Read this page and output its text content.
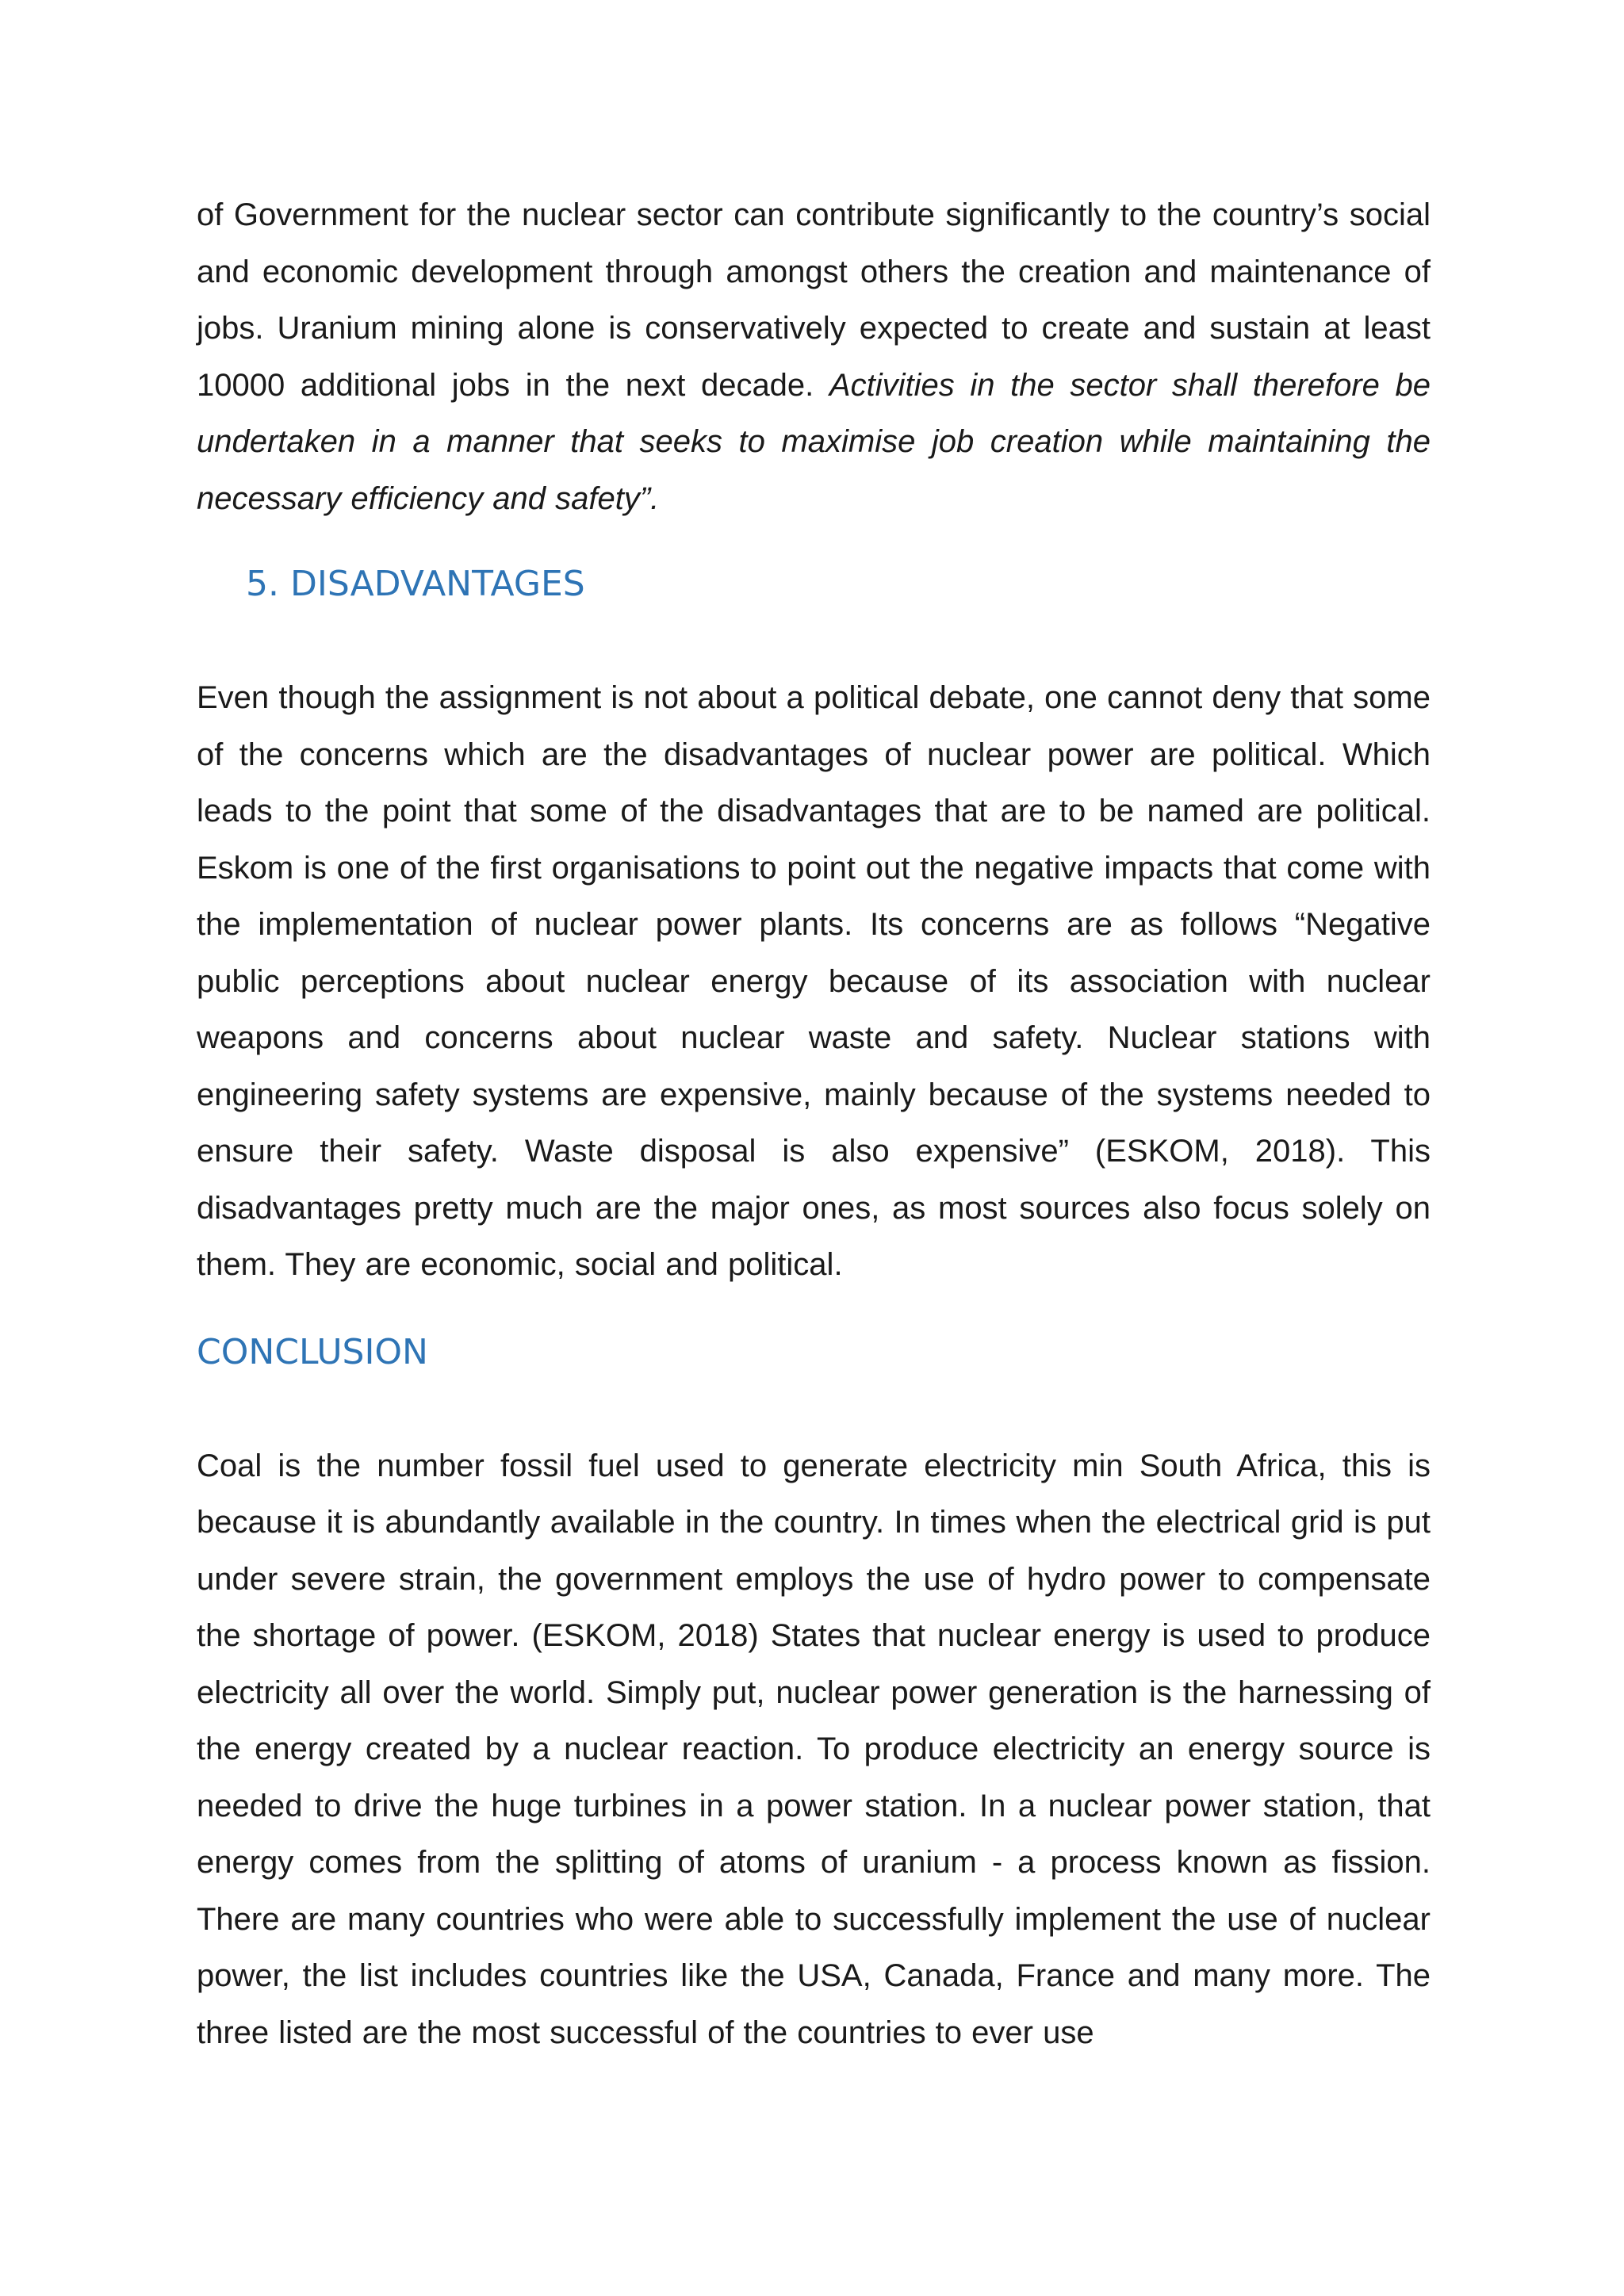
of Government for the nuclear sector can contribute significantly to the country’s social and economic development through amongst others the creation and maintenance of jobs. Uranium mining alone is conservatively expected to create and sustain at least 10000 additional jobs in the next decade. Activities in the sector shall therefore be undertaken in a manner that seeks to maximise job creation while maintaining the necessary efficiency and safety”.

5. DISADVANTAGES

Even though the assignment is not about a political debate, one cannot deny that some of the concerns which are the disadvantages of nuclear power are political. Which leads to the point that some of the disadvantages that are to be named are political. Eskom is one of the first organisations to point out the negative impacts that come with the implementation of nuclear power plants. Its concerns are as follows “Negative public perceptions about nuclear energy because of its association with nuclear weapons and concerns about nuclear waste and safety. Nuclear stations with engineering safety systems are expensive, mainly because of the systems needed to ensure their safety. Waste disposal is also expensive” (ESKOM, 2018). This disadvantages pretty much are the major ones, as most sources also focus solely on them. They are economic, social and political.

CONCLUSION

Coal is the number fossil fuel used to generate electricity min South Africa, this is because it is abundantly available in the country. In times when the electrical grid is put under severe strain, the government employs the use of hydro power to compensate the shortage of power. (ESKOM, 2018) States that nuclear energy is used to produce electricity all over the world. Simply put, nuclear power generation is the harnessing of the energy created by a nuclear reaction. To produce electricity an energy source is needed to drive the huge turbines in a power station. In a nuclear power station, that energy comes from the splitting of atoms of uranium - a process known as fission. There are many countries who were able to successfully implement the use of nuclear power, the list includes countries like the USA, Canada, France and many more. The three listed are the most successful of the countries to ever use
